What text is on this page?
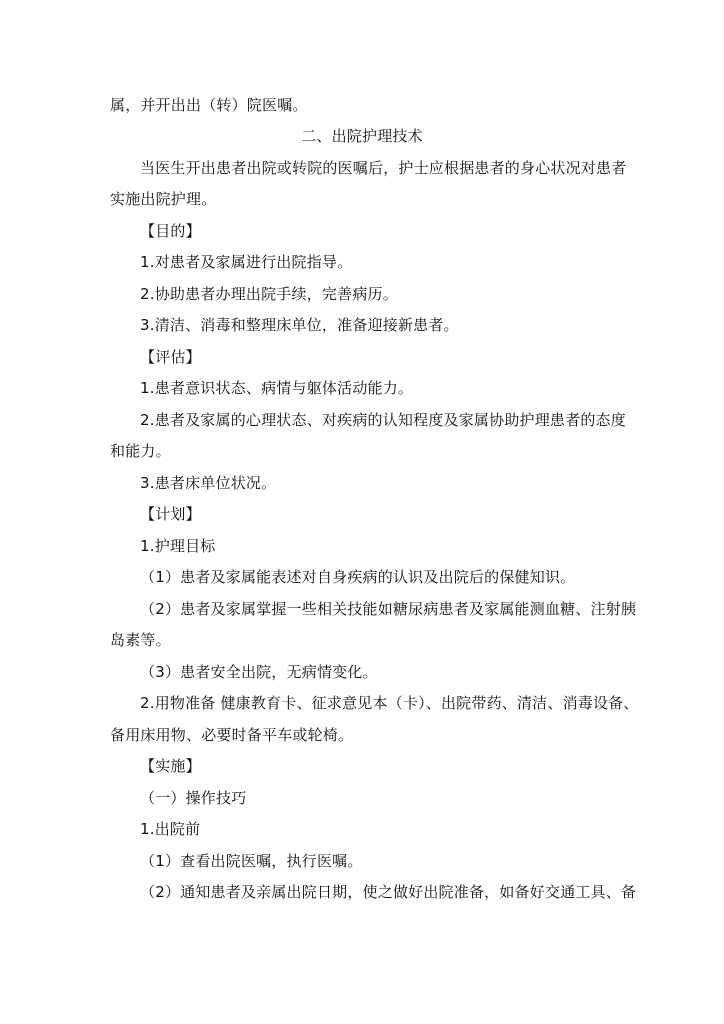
属，并开出出（转）院医嘱。
二、出院护理技术
当医生开出患者出院或转院的医嘱后，护士应根据患者的身心状况对患者
实施出院护理。
【目的】
1.对患者及家属进行出院指导。
2.协助患者办理出院手续，完善病历。
3.清洁、消毒和整理床单位，准备迎接新患者。
【评估】
1.患者意识状态、病情与躯体活动能力。
2.患者及家属的心理状态、对疾病的认知程度及家属协助护理患者的态度
和能力。
3.患者床单位状况。
【计划】
1.护理目标
（1）患者及家属能表述对自身疾病的认识及出院后的保健知识。
（2）患者及家属掌握一些相关技能如糖尿病患者及家属能测血糖、注射胰
岛素等。
（3）患者安全出院，无病情变化。
2.用物准备 健康教育卡、征求意见本（卡）、出院带药、清洁、消毒设备、
备用床用物、必要时备平车或轮椅。
【实施】
（一）操作技巧
1.出院前
（1）查看出院医嘱，执行医嘱。
（2）通知患者及亲属出院日期，使之做好出院准备，如备好交通工具、备
